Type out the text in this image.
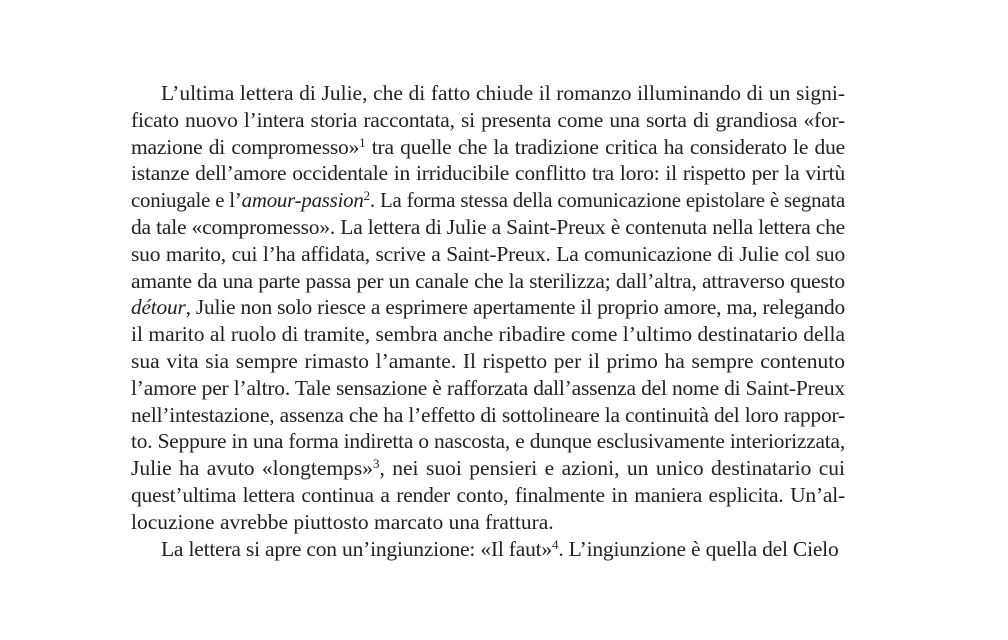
L’ultima lettera di Julie, che di fatto chiude il romanzo illuminando di un signi-
ficato nuovo l’intera storia raccontata, si presenta come una sorta di grandiosa «for-
mazione di compromesso»$^1$ tra quelle che la tradizione critica ha considerato le due
istanze dell’amore occidentale in irriducibile conflitto tra loro: il rispetto per la virtù
coniugale e l’amour-passion$^2$. La forma stessa della comunicazione epistolare è segnata
da tale «compromesso». La lettera di Julie a Saint-Preux è contenuta nella lettera che
suo marito, cui l’ha affidata, scrive a Saint-Preux. La comunicazione di Julie col suo
amante da una parte passa per un canale che la sterilizza; dall’altra, attraverso questo
détour, Julie non solo riesce a esprimere apertamente il proprio amore, ma, relegando
il marito al ruolo di tramite, sembra anche ribadire come l’ultimo destinatario della
sua vita sia sempre rimasto l’amante. Il rispetto per il primo ha sempre contenuto
l’amore per l’altro. Tale sensazione è rafforzata dall’assenza del nome di Saint-Preux
nell’intestazione, assenza che ha l’effetto di sottolineare la continuità del loro rappor-
to. Seppure in una forma indiretta o nascosta, e dunque esclusivamente interiorizzata,
Julie ha avuto «longtemps»$^3$, nei suoi pensieri e azioni, un unico destinatario cui
quest’ultima lettera continua a render conto, finalmente in maniera esplicita. Un’al-
locuzione avrebbe piuttosto marcato una frattura.
La lettera si apre con un’ingiunzione: «Il faut»$^4$. L’ingiunzione è quella del Cielo
